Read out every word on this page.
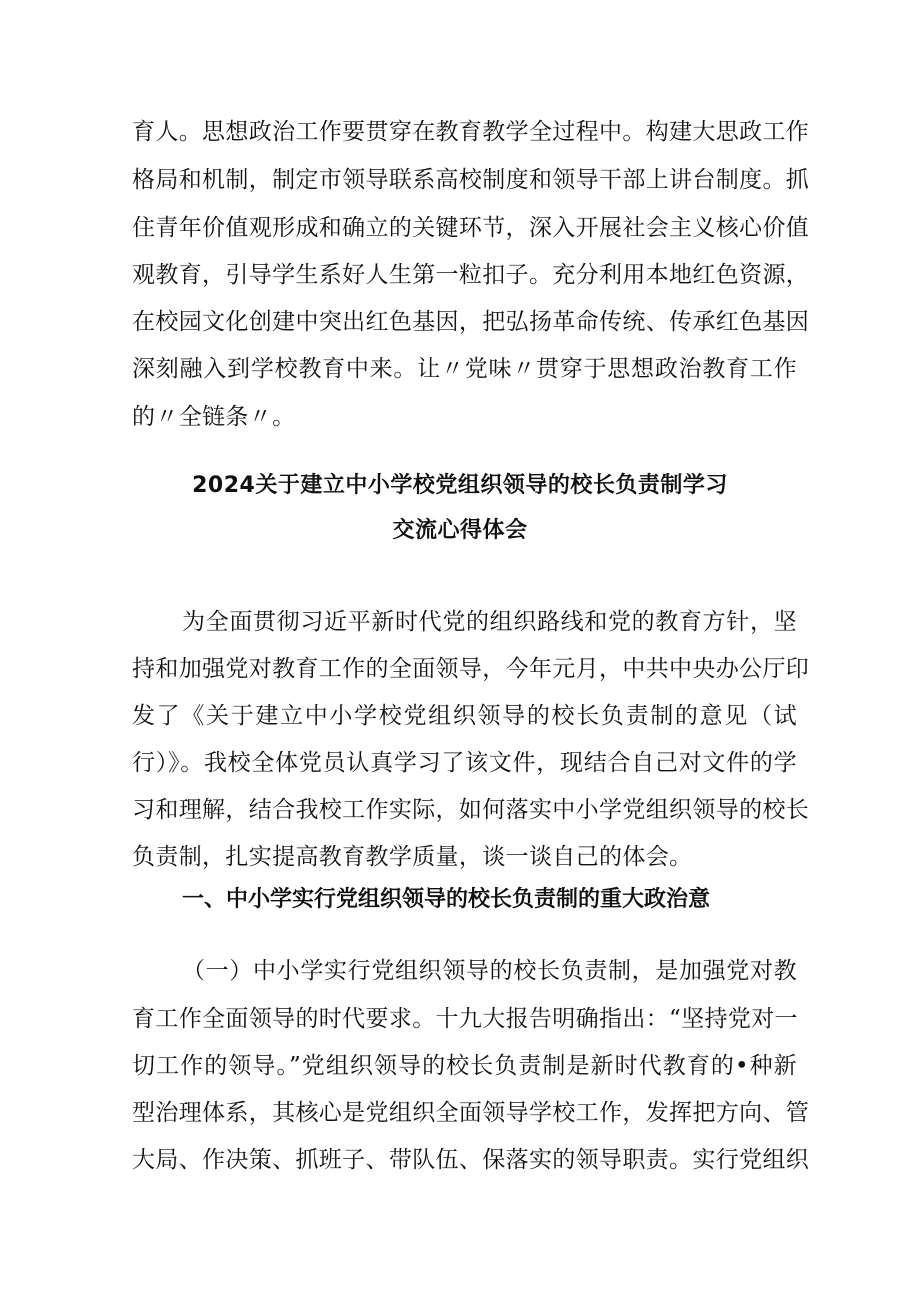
育人。思想政治工作要贯穿在教育教学全过程中。构建大思政工作
格局和机制，制定市领导联系高校制度和领导干部上讲台制度。抓
住青年价值观形成和确立的关键环节，深入开展社会主义核心价值
观教育，引导学生系好人生第一粒扣子。充分利用本地红色资源，
在校园文化创建中突出红色基因，把弘扬革命传统、传承红色基因
深刻融入到学校教育中来。让〃党味〃贯穿于思想政治教育工作
的〃全链条〃。
2024关于建立中小学校党组织领导的校长负责制学习
交流心得体会
为全面贯彻习近平新时代党的组织路线和党的教育方针，坚
持和加强党对教育工作的全面领导，今年元月，中共中央办公厅印
发了《关于建立中小学校党组织领导的校长负责制的意见（试
行）》。我校全体党员认真学习了该文件，现结合自己对文件的学
习和理解，结合我校工作实际，如何落实中小学党组织领导的校长
负责制，扎实提高教育教学质量，谈一谈自己的体会。
一、中小学实行党组织领导的校长负责制的重大政治意
（一）中小学实行党组织领导的校长负责制，是加强党对教
育工作全面领导的时代要求。十九大报告明确指出：“坚持党对一
切工作的领导。”党组织领导的校长负责制是新时代教育的•种新
型治理体系，其核心是党组织全面领导学校工作，发挥把方向、管
大局、作决策、抓班子、带队伍、保落实的领导职责。实行党组织
